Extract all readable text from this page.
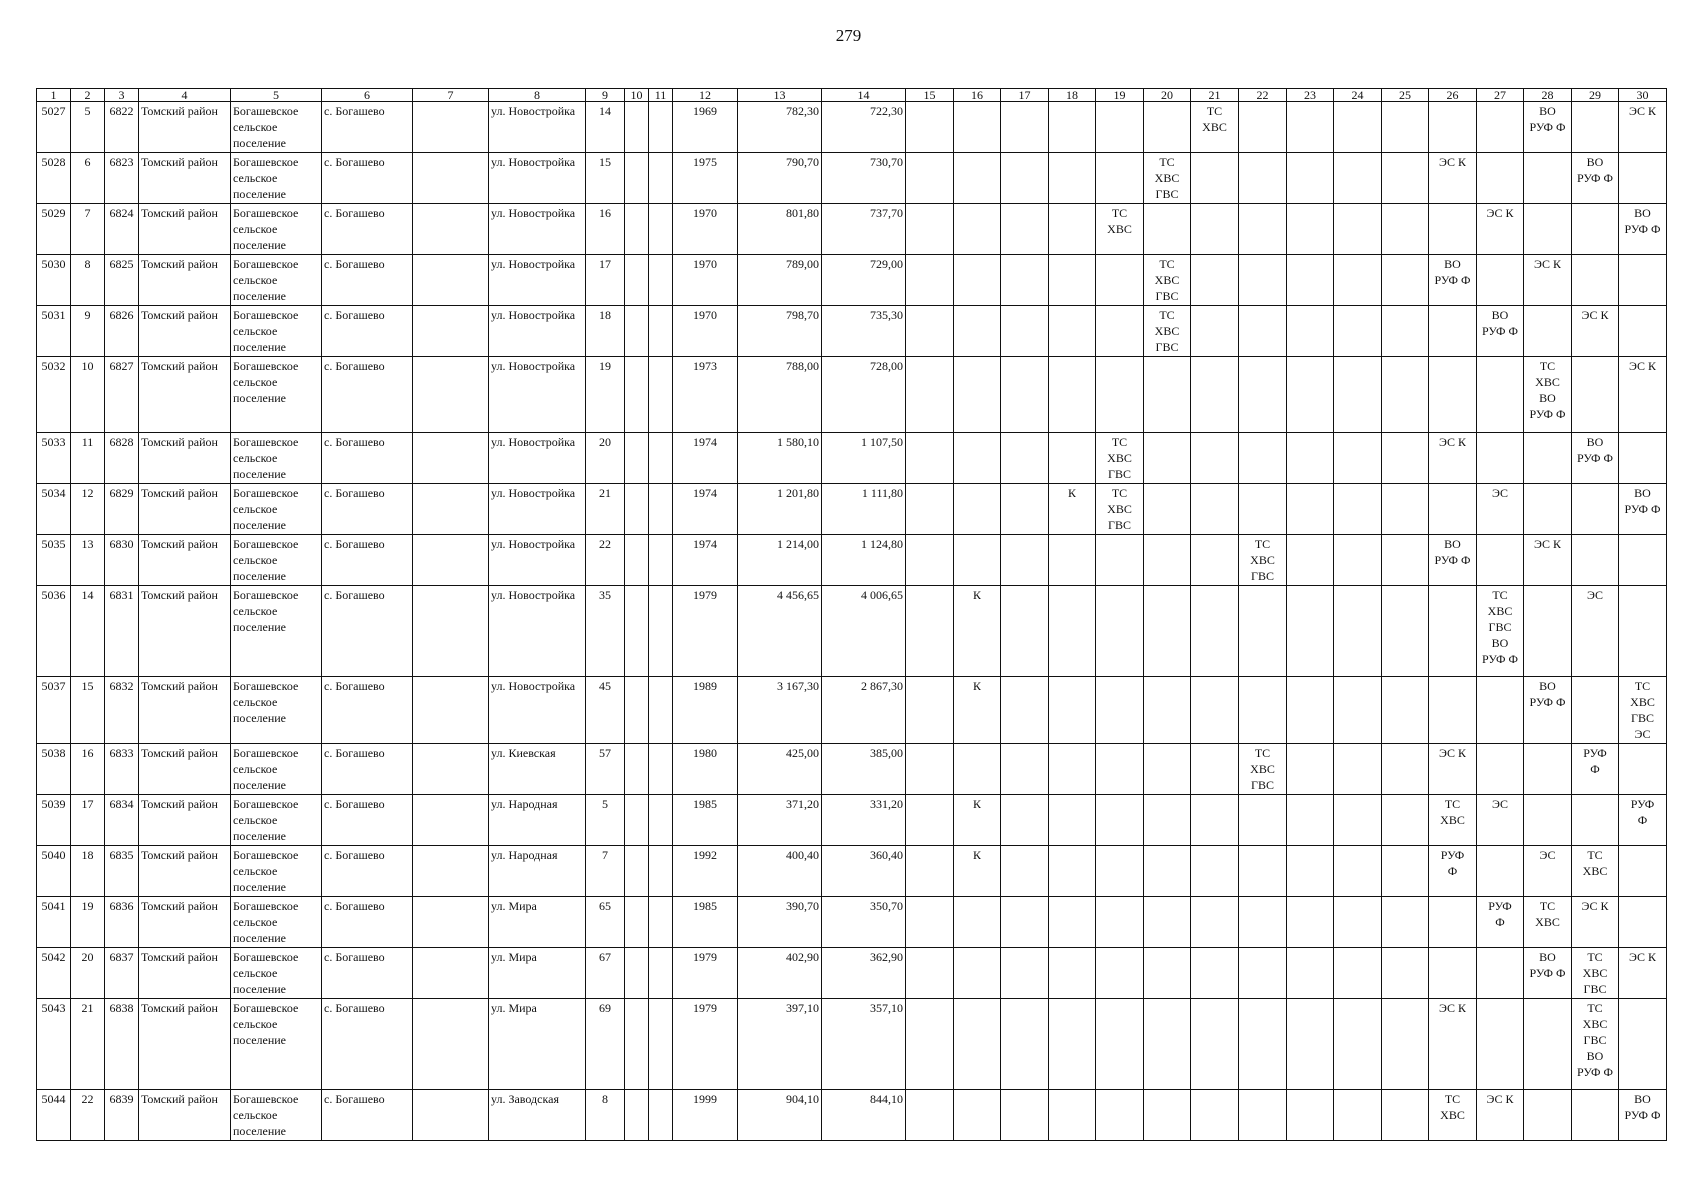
279
1	2	3	4	5	6	7	8	9	10	11	12	13	14	15	16	17	18	19	20	21	22	23	24	25	26	27	28	29	30
5027	5	6822	Томский район	Богашевское
сельское
поселение	с. Богашево		ул. Новостройка	14			1969	782,30	722,30							ТС
ХВС							ВО
РУФ Ф		ЭС К
5028	6	6823	Томский район	Богашевское
сельское
поселение	с. Богашево		ул. Новостройка	15			1975	790,70	730,70						ТС
ХВС
ГВС						ЭС К			ВО
РУФ Ф	
5029	7	6824	Томский район	Богашевское
сельское
поселение	с. Богашево		ул. Новостройка	16			1970	801,80	737,70					ТС
ХВС								ЭС К			ВО
РУФ Ф
5030	8	6825	Томский район	Богашевское
сельское
поселение	с. Богашево		ул. Новостройка	17			1970	789,00	729,00						ТС
ХВС
ГВС						ВО
РУФ Ф		ЭС К		
5031	9	6826	Томский район	Богашевское
сельское
поселение	с. Богашево		ул. Новостройка	18			1970	798,70	735,30						ТС
ХВС
ГВС							ВО
РУФ Ф		ЭС К	
5032	10	6827	Томский район	Богашевское
сельское
поселение	с. Богашево		ул. Новостройка	19			1973	788,00	728,00														ТС
ХВС
ВО
РУФ Ф		ЭС К
5033	11	6828	Томский район	Богашевское
сельское
поселение	с. Богашево		ул. Новостройка	20			1974	1 580,10	1 107,50					ТС
ХВС
ГВС							ЭС К			ВО
РУФ Ф	
5034	12	6829	Томский район	Богашевское
сельское
поселение	с. Богашево		ул. Новостройка	21			1974	1 201,80	1 111,80				К	ТС
ХВС
ГВС								ЭС			ВО
РУФ Ф
5035	13	6830	Томский район	Богашевское
сельское
поселение	с. Богашево		ул. Новостройка	22			1974	1 214,00	1 124,80								ТС
ХВС
ГВС				ВО
РУФ Ф		ЭС К		
5036	14	6831	Томский район	Богашевское
сельское
поселение	с. Богашево		ул. Новостройка	35			1979	4 456,65	4 006,65		К											ТС
ХВС
ГВС
ВО
РУФ Ф		ЭС	
5037	15	6832	Томский район	Богашевское
сельское
поселение	с. Богашево		ул. Новостройка	45			1989	3 167,30	2 867,30		К												ВО
РУФ Ф		ТС
ХВС
ГВС
ЭС
5038	16	6833	Томский район	Богашевское
сельское
поселение	с. Богашево		ул. Киевская	57			1980	425,00	385,00								ТС
ХВС
ГВС				ЭС К			РУФ
Ф	
5039	17	6834	Томский район	Богашевское
сельское
поселение	с. Богашево		ул. Народная	5			1985	371,20	331,20		К										ТС
ХВС	ЭС			РУФ
Ф
5040	18	6835	Томский район	Богашевское
сельское
поселение	с. Богашево		ул. Народная	7			1992	400,40	360,40		К										РУФ
Ф		ЭС	ТС
ХВС	
5041	19	6836	Томский район	Богашевское
сельское
поселение	с. Богашево		ул. Мира	65			1985	390,70	350,70													РУФ
Ф	ТС
ХВС	ЭС К	
5042	20	6837	Томский район	Богашевское
сельское
поселение	с. Богашево		ул. Мира	67			1979	402,90	362,90														ВО
РУФ Ф	ТС
ХВС
ГВС	ЭС К
5043	21	6838	Томский район	Богашевское
сельское
поселение	с. Богашево		ул. Мира	69			1979	397,10	357,10												ЭС К			ТС
ХВС
ГВС
ВО
РУФ Ф	
5044	22	6839	Томский район	Богашевское
сельское
поселение	с. Богашево		ул. Заводская	8			1999	904,10	844,10												ТС
ХВС	ЭС К			ВО
РУФ Ф
